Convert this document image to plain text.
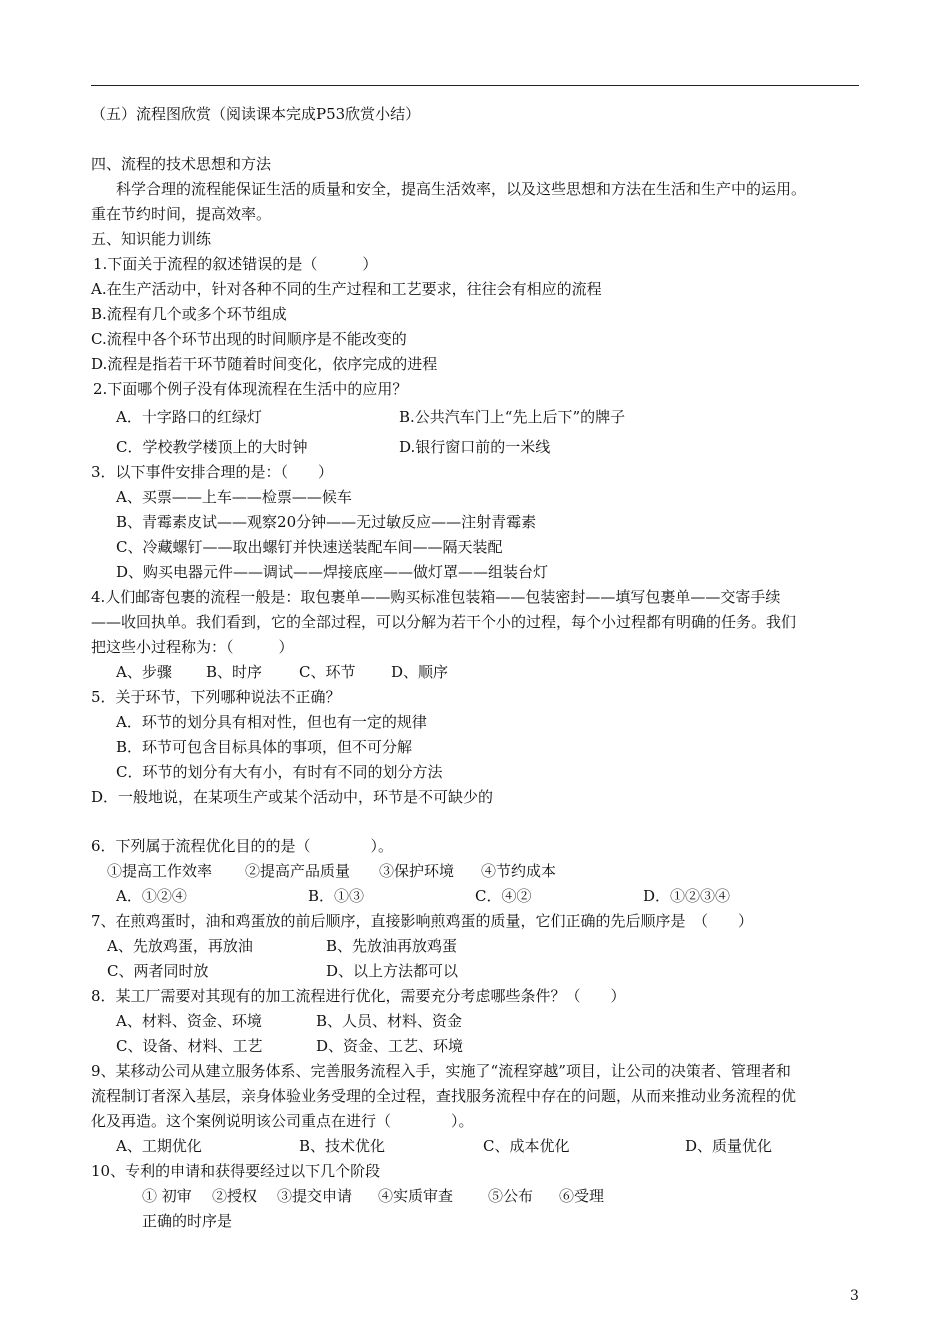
（五）流程图欣赏（阅读课本完成P53欣赏小结）
四、流程的技术思想和方法
科学合理的流程能保证生活的质量和安全，提高生活效率，以及这些思想和方法在生活和生产中的运用。
重在节约时间，提高效率。
五、知识能力训练
1.下面关于流程的叙述错误的是（　　　）
A.在生产活动中，针对各种不同的生产过程和工艺要求，往往会有相应的流程
B.流程有几个或多个环节组成
C.流程中各个环节出现的时间顺序是不能改变的
D.流程是指若干环节随着时间变化，依序完成的进程
2.下面哪个例子没有体现流程在生活中的应用？
A．十字路口的红绿灯	B.公共汽车门上“先上后下”的牌子
C．学校教学楼顶上的大时钟	D.银行窗口前的一米线
3．以下事件安排合理的是：（　　）
A、买票——上车——检票——候车
B、青霉素皮试——观察20分钟——无过敏反应——注射青霉素
C、冷藏螺钉——取出螺钉并快速送装配车间——隔天装配
D、购买电器元件——调试——焊接底座——做灯罩——组装台灯
4.人们邮寄包裹的流程一般是：取包裹单——购买标准包装箱——包装密封——填写包裹单——交寄手续
——收回执单。我们看到，它的全部过程，可以分解为若干个小的过程，每个小过程都有明确的任务。我们
把这些小过程称为：（　　　）
A、步骤 B、时序 C、环节 D、顺序
5．关于环节，下列哪种说法不正确？
A．环节的划分具有相对性，但也有一定的规律
B．环节可包含目标具体的事项，但不可分解
C．环节的划分有大有小，有时有不同的划分方法
D．一般地说，在某项生产或某个活动中，环节是不可缺少的
6．下列属于流程优化目的的是（　　　　）。
①提高工作效率 ②提高产品质量 ③保护环境 ④节约成本
A．①②④	B．①③	C．④②	D．①②③④
7、在煎鸡蛋时，油和鸡蛋放的前后顺序，直接影响煎鸡蛋的质量，它们正确的先后顺序是　（　　）
A、先放鸡蛋，再放油	B、先放油再放鸡蛋
C、两者同时放	D、以上方法都可以
8．某工厂需要对其现有的加工流程进行优化，需要充分考虑哪些条件？（　　）
A、材料、资金、环境	B、人员、材料、资金
C、设备、材料、工艺	D、资金、工艺、环境
9、某移动公司从建立服务体系、完善服务流程入手，实施了“流程穿越”项目，让公司的决策者、管理者和
流程制订者深入基层，亲身体验业务受理的全过程，查找服务流程中存在的问题，从而来推动业务流程的优
化及再造。这个案例说明该公司重点在进行（　　　　）。
A、工期优化	B、技术优化	C、成本优化	D、质量优化
10、专利的申请和获得要经过以下几个阶段
① 初审 ②授权 ③提交申请 ④实质审查 ⑤公布 ⑥受理
正确的时序是
3
